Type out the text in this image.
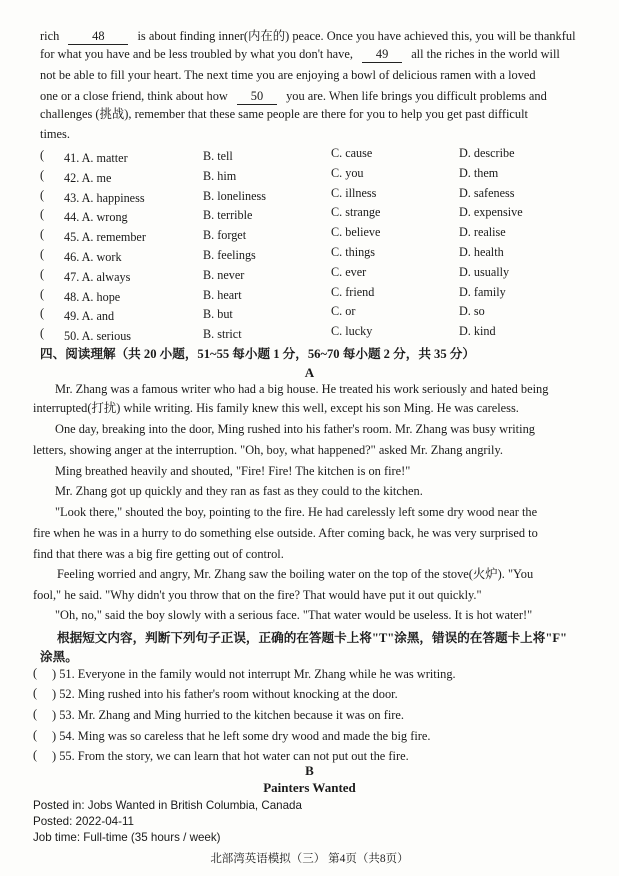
rich	48	is about finding inner(内在的) peace. Once you have achieved this, you will be thankful
for what you have and be less troubled by what you don't have, 49 all the riches in the world will
not be able to fill your heart. The next time you are enjoying a bowl of delicious ramen with a loved
one or a close friend, think about how 50 you are. When life brings you difficult problems and
challenges (挑战), remember that these same people are there for you to help you get past difficult
times.
( 41. A. matter	B. tell	C. cause	D. describe
( 42. A. me	B. him	C. you	D. them
( 43. A. happiness	B. loneliness	C. illness	D. safeness
( 44. A. wrong	B. terrible	C. strange	D. expensive
( 45. A. remember	B. forget	C. believe	D. realise
( 46. A. work	B. feelings	C. things	D. health
( 47. A. always	B. never	C. ever	D. usually
( 48. A. hope	B. heart	C. friend	D. family
( 49. A. and	B. but	C. or	D. so
( 50. A. serious	B. strict	C. lucky	D. kind
四、阅读理解（共 20 小题，51~55 每小题 1 分，56~70 每小题 2 分，共 35 分）
A
Mr. Zhang was a famous writer who had a big house. He treated his work seriously and hated being
interrupted(打扰) while writing. His family knew this well, except his son Ming. He was careless.
One day, breaking into the door, Ming rushed into his father's room. Mr. Zhang was busy writing
letters, showing anger at the interruption. "Oh, boy, what happened?" asked Mr. Zhang angrily.
Ming breathed heavily and shouted, "Fire! Fire! The kitchen is on fire!"
Mr. Zhang got up quickly and they ran as fast as they could to the kitchen.
"Look there," shouted the boy, pointing to the fire. He had carelessly left some dry wood near the
fire when he was in a hurry to do something else outside. After coming back, he was very surprised to
find that there was a big fire getting out of control.
Feeling worried and angry, Mr. Zhang saw the boiling water on the top of the stove(火炉). "You
fool," he said. "Why didn't you throw that on the fire? That would have put it out quickly."
"Oh, no," said the boy slowly with a serious face. "That water would be useless. It is hot water!"
根据短文内容，判断下列句子正误，正确的在答题卡上将"T"涂黑，错误的在答题卡上将"F"
涂黑。
( ) 51. Everyone in the family would not interrupt Mr. Zhang while he was writing.
( ) 52. Ming rushed into his father's room without knocking at the door.
( ) 53. Mr. Zhang and Ming hurried to the kitchen because it was on fire.
( ) 54. Ming was so careless that he left some dry wood and made the big fire.
( ) 55. From the story, we can learn that hot water can not put out the fire.
B
Painters Wanted
Posted in: Jobs Wanted in British Columbia, Canada
Posted: 2022-04-11
Job time: Full-time (35 hours / week)
北部湾英语模拟（三） 第4页（共8页）
